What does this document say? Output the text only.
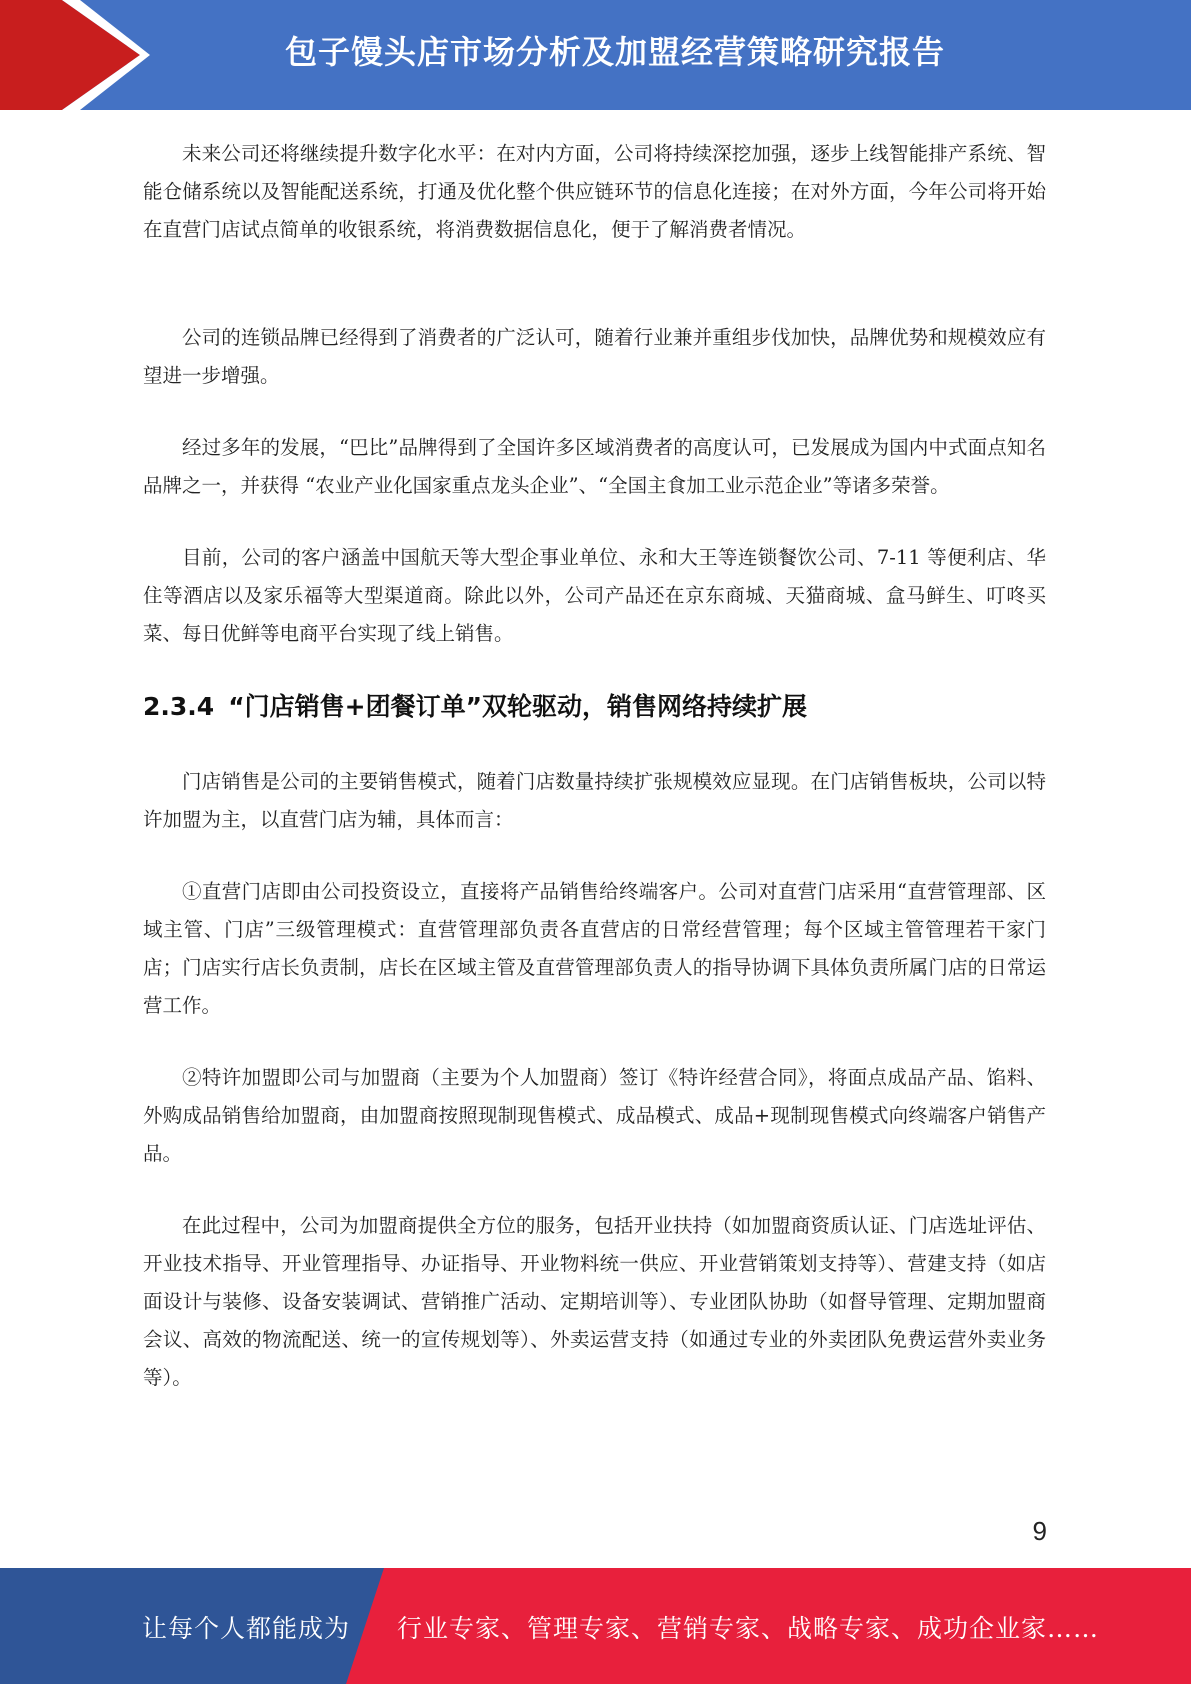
包子馒头店市场分析及加盟经营策略研究报告

未来公司还将继续提升数字化水平：在对内方面，公司将持续深挖加强，逐步上线智能排产系统、智能仓储系统以及智能配送系统，打通及优化整个供应链环节的信息化连接；在对外方面，今年公司将开始在直营门店试点简单的收银系统，将消费数据信息化，便于了解消费者情况。

公司的连锁品牌已经得到了消费者的广泛认可，随着行业兼并重组步伐加快，品牌优势和规模效应有望进一步增强。

经过多年的发展，“巴比”品牌得到了全国许多区域消费者的高度认可，已发展成为国内中式面点知名品牌之一，并获得 “农业产业化国家重点龙头企业”、“全国主食加工业示范企业”等诸多荣誉。

目前，公司的客户涵盖中国航天等大型企事业单位、永和大王等连锁餐饮公司、7-11 等便利店、华住等酒店以及家乐福等大型渠道商。除此以外，公司产品还在京东商城、天猫商城、盒马鲜生、叮咚买菜、每日优鲜等电商平台实现了线上销售。

2.3.4 “门店销售+团餐订单”双轮驱动，销售网络持续扩展

门店销售是公司的主要销售模式，随着门店数量持续扩张规模效应显现。在门店销售板块，公司以特许加盟为主，以直营门店为辅，具体而言：

①直营门店即由公司投资设立，直接将产品销售给终端客户。公司对直营门店采用“直营管理部、区域主管、门店”三级管理模式：直营管理部负责各直营店的日常经营管理；每个区域主管管理若干家门店；门店实行店长负责制，店长在区域主管及直营管理部负责人的指导协调下具体负责所属门店的日常运营工作。

②特许加盟即公司与加盟商（主要为个人加盟商）签订《特许经营合同》，将面点成品产品、馅料、外购成品销售给加盟商，由加盟商按照现制现售模式、成品模式、成品+现制现售模式向终端客户销售产品。

在此过程中，公司为加盟商提供全方位的服务，包括开业扶持（如加盟商资质认证、门店选址评估、开业技术指导、开业管理指导、办证指导、开业物料统一供应、开业营销策划支持等）、营建支持（如店面设计与装修、设备安装调试、营销推广活动、定期培训等）、专业团队协助（如督导管理、定期加盟商会议、高效的物流配送、统一的宣传规划等）、外卖运营支持（如通过专业的外卖团队免费运营外卖业务等）。

9
让每个人都能成为 行业专家、管理专家、营销专家、战略专家、成功企业家……
